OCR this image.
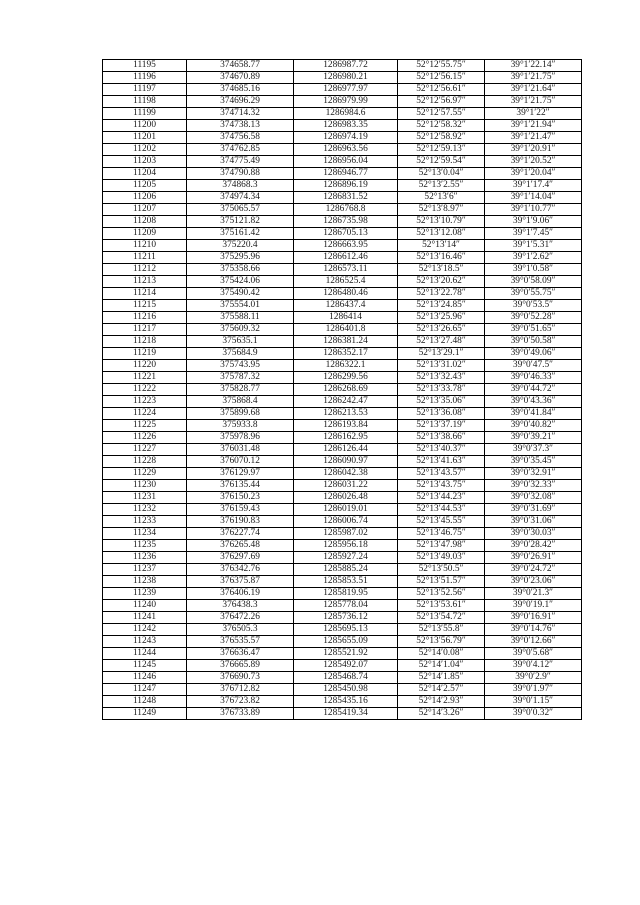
11195	374658.77	1286987.72	52°12′55.75″	39°1′22.14″
11196	374670.89	1286980.21	52°12′56.15″	39°1′21.75″
11197	374685.16	1286977.97	52°12′56.61″	39°1′21.64″
11198	374696.29	1286979.99	52°12′56.97″	39°1′21.75″
11199	374714.32	1286984.6	52°12′57.55″	39°1′22″
11200	374738.13	1286983.35	52°12′58.32″	39°1′21.94″
11201	374756.58	1286974.19	52°12′58.92″	39°1′21.47″
11202	374762.85	1286963.56	52°12′59.13″	39°1′20.91″
11203	374775.49	1286956.04	52°12′59.54″	39°1′20.52″
11204	374790.88	1286946.77	52°13′0.04″	39°1′20.04″
11205	374868.3	1286896.19	52°13′2.55″	39°1′17.4″
11206	374974.34	1286831.52	52°13′6″	39°1′14.04″
11207	375065.57	1286768.8	52°13′8.97″	39°1′10.77″
11208	375121.82	1286735.98	52°13′10.79″	39°1′9.06″
11209	375161.42	1286705.13	52°13′12.08″	39°1′7.45″
11210	375220.4	1286663.95	52°13′14″	39°1′5.31″
11211	375295.96	1286612.46	52°13′16.46″	39°1′2.62″
11212	375358.66	1286573.11	52°13′18.5″	39°1′0.58″
11213	375424.06	1286525.4	52°13′20.62″	39°0′58.09″
11214	375490.42	1286480.46	52°13′22.78″	39°0′55.75″
11215	375554.01	1286437.4	52°13′24.85″	39°0′53.5″
11216	375588.11	1286414	52°13′25.96″	39°0′52.28″
11217	375609.32	1286401.8	52°13′26.65″	39°0′51.65″
11218	375635.1	1286381.24	52°13′27.48″	39°0′50.58″
11219	375684.9	1286352.17	52°13′29.1″	39°0′49.06″
11220	375743.95	1286322.1	52°13′31.02″	39°0′47.5″
11221	375787.32	1286299.56	52°13′32.43″	39°0′46.33″
11222	375828.77	1286268.69	52°13′33.78″	39°0′44.72″
11223	375868.4	1286242.47	52°13′35.06″	39°0′43.36″
11224	375899.68	1286213.53	52°13′36.08″	39°0′41.84″
11225	375933.8	1286193.84	52°13′37.19″	39°0′40.82″
11226	375978.96	1286162.95	52°13′38.66″	39°0′39.21″
11227	376031.48	1286126.44	52°13′40.37″	39°0′37.3″
11228	376070.12	1286090.97	52°13′41.63″	39°0′35.45″
11229	376129.97	1286042.38	52°13′43.57″	39°0′32.91″
11230	376135.44	1286031.22	52°13′43.75″	39°0′32.33″
11231	376150.23	1286026.48	52°13′44.23″	39°0′32.08″
11232	376159.43	1286019.01	52°13′44.53″	39°0′31.69″
11233	376190.83	1286006.74	52°13′45.55″	39°0′31.06″
11234	376227.74	1285987.02	52°13′46.75″	39°0′30.03″
11235	376265.48	1285956.18	52°13′47.98″	39°0′28.42″
11236	376297.69	1285927.24	52°13′49.03″	39°0′26.91″
11237	376342.76	1285885.24	52°13′50.5″	39°0′24.72″
11238	376375.87	1285853.51	52°13′51.57″	39°0′23.06″
11239	376406.19	1285819.95	52°13′52.56″	39°0′21.3″
11240	376438.3	1285778.04	52°13′53.61″	39°0′19.1″
11241	376472.26	1285736.12	52°13′54.72″	39°0′16.91″
11242	376505.3	1285695.13	52°13′55.8″	39°0′14.76″
11243	376535.57	1285655.09	52°13′56.79″	39°0′12.66″
11244	376636.47	1285521.92	52°14′0.08″	39°0′5.68″
11245	376665.89	1285492.07	52°14′1.04″	39°0′4.12″
11246	376690.73	1285468.74	52°14′1.85″	39°0′2.9″
11247	376712.82	1285450.98	52°14′2.57″	39°0′1.97″
11248	376723.82	1285435.16	52°14′2.93″	39°0′1.15″
11249	376733.89	1285419.34	52°14′3.26″	39°0′0.32″
